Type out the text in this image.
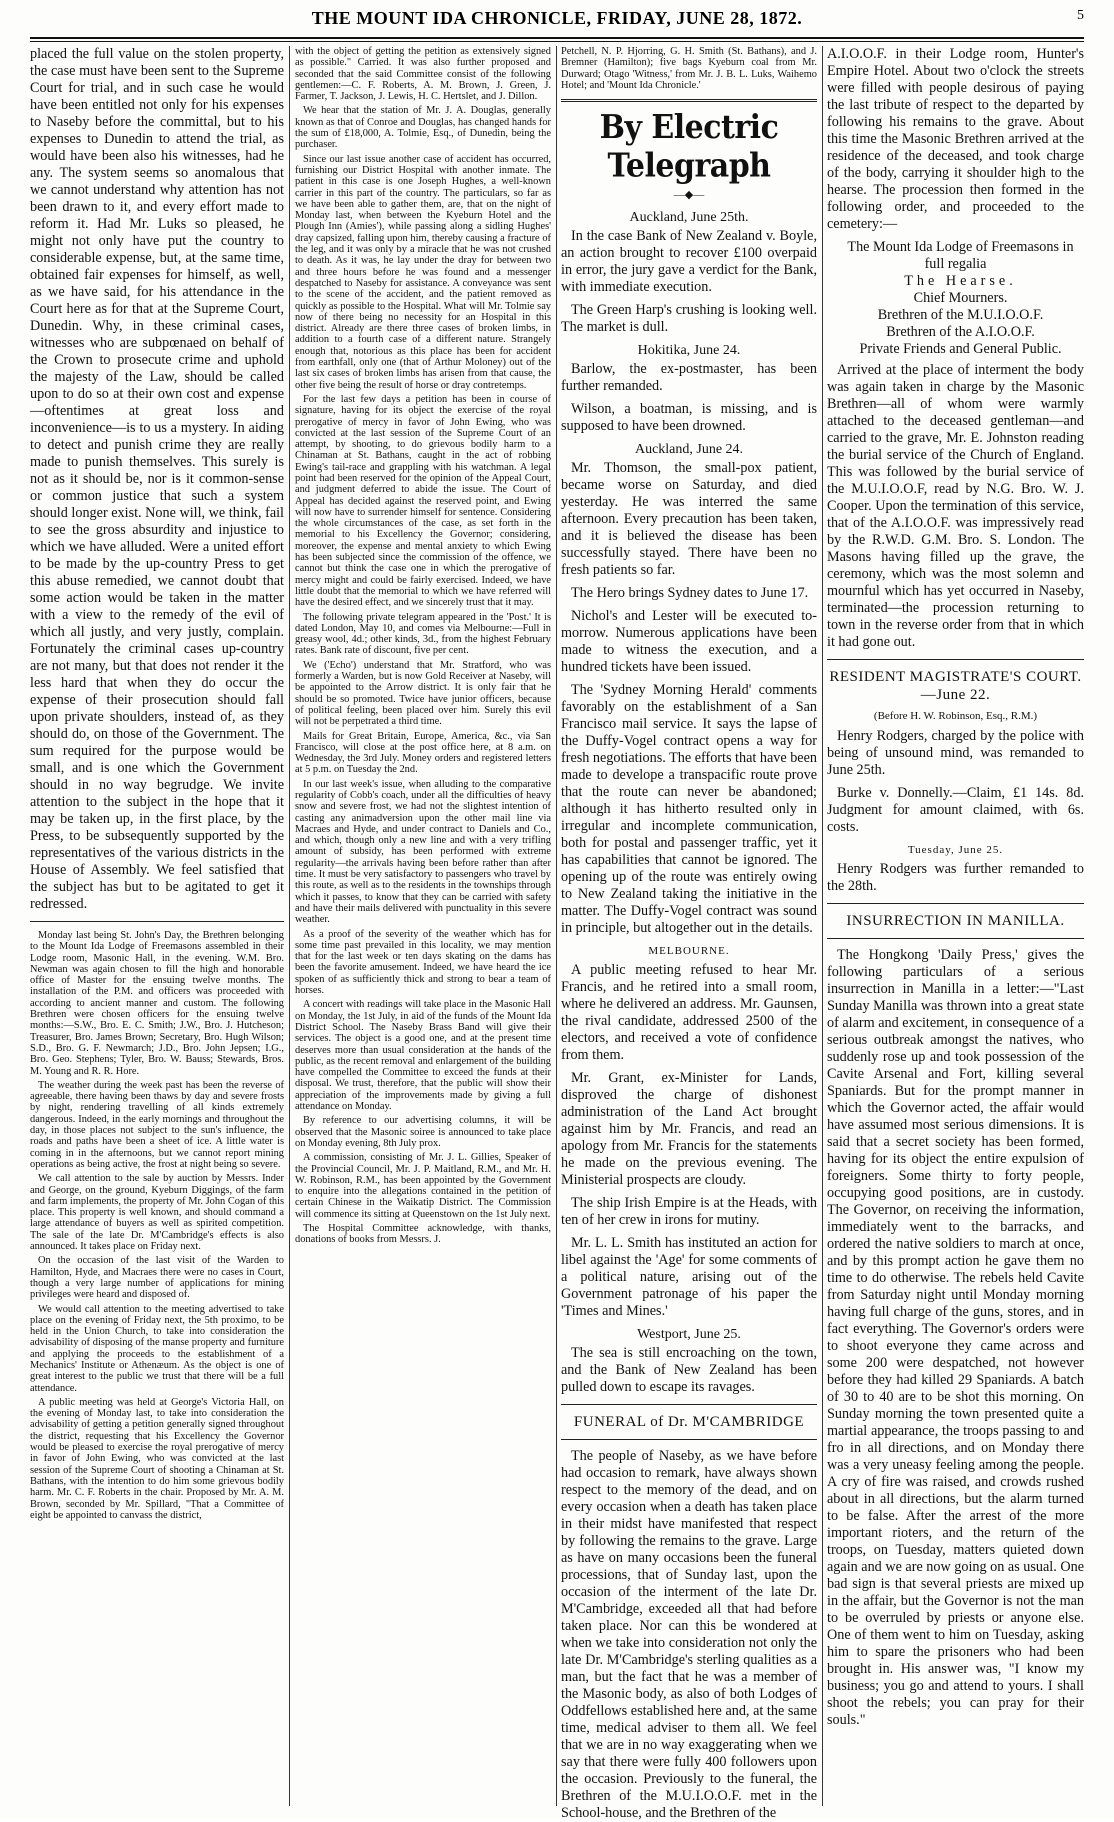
THE MOUNT IDA CHRONICLE, FRIDAY, JUNE 28, 1872.	5

placed the full value on the stolen property, the case must have been sent to the Supreme Court for trial, and in such case he would have been entitled not only for his expenses to Naseby before the committal, but to his expenses to Dunedin to attend the trial, as would have been also his witnesses, had he any. The system seems so anomalous that we cannot understand why attention has not been drawn to it, and every effort made to reform it. Had Mr. Luks so pleased, he might not only have put the country to considerable expense, but, at the same time, obtained fair expenses for himself, as well, as we have said, for his attendance in the Court here as for that at the Supreme Court, Dunedin. Why, in these criminal cases, witnesses who are subpœnaed on behalf of the Crown to prosecute crime and uphold the majesty of the Law, should be called upon to do so at their own cost and expense —oftentimes at great loss and inconvenience—is to us a mystery. In aiding to detect and punish crime they are really made to punish themselves. This surely is not as it should be, nor is it common-sense or common justice that such a system should longer exist. None will, we think, fail to see the gross absurdity and injustice to which we have alluded. Were a united effort to be made by the up-country Press to get this abuse remedied, we cannot doubt that some action would be taken in the matter with a view to the remedy of the evil of which all justly, and very justly, complain. Fortunately the criminal cases up-country are not many, but that does not render it the less hard that when they do occur the expense of their prosecution should fall upon private shoulders, instead of, as they should do, on those of the Government. The sum required for the purpose would be small, and is one which the Government should in no way begrudge. We invite attention to the subject in the hope that it may be taken up, in the first place, by the Press, to be subsequently supported by the representatives of the various districts in the House of Assembly. We feel satisfied that the subject has but to be agitated to get it redressed.

Monday last being St. John's Day, the Brethren belonging to the Mount Ida Lodge of Freemasons assembled in their Lodge room, Masonic Hall, in the evening. W.M. Bro. Newman was again chosen to fill the high and honorable office of Master for the ensuing twelve months. The installation of the P.M. and officers was proceeded with according to ancient manner and custom. The following Brethren were chosen officers for the ensuing twelve months:—S.W., Bro. E. C. Smith; J.W., Bro. J. Hutcheson; Treasurer, Bro. James Brown; Secretary, Bro. Hugh Wilson; S.D., Bro. G. F. Newmarch; J.D., Bro. John Jepsen; I.G., Bro. Geo. Stephens; Tyler, Bro. W. Bauss; Stewards, Bros. M. Young and R. R. Hore.

The weather during the week past has been the reverse of agreeable, there having been thaws by day and severe frosts by night, rendering travelling of all kinds extremely dangerous. Indeed, in the early mornings and throughout the day, in those places not subject to the sun's influence, the roads and paths have been a sheet of ice. A little water is coming in in the afternoons, but we cannot report mining operations as being active, the frost at night being so severe.

We call attention to the sale by auction by Messrs. Inder and George, on the ground, Kyeburn Diggings, of the farm and farm implements, the property of Mr. John Cogan of this place. This property is well known, and should command a large attendance of buyers as well as spirited competition. The sale of the late Dr. M'Cambridge's effects is also announced. It takes place on Friday next.

On the occasion of the last visit of the Warden to Hamilton, Hyde, and Macraes there were no cases in Court, though a very large number of applications for mining privileges were heard and disposed of.

We would call attention to the meeting advertised to take place on the evening of Friday next, the 5th proximo, to be held in the Union Church, to take into consideration the advisability of disposing of the manse property and furniture and applying the proceeds to the establishment of a Mechanics' Institute or Athenæum. As the object is one of great interest to the public we trust that there will be a full attendance.

A public meeting was held at George's Victoria Hall, on the evening of Monday last, to take into consideration the advisability of getting a petition generally signed throughout the district, requesting that his Excellency the Governor would be pleased to exercise the royal prerogative of mercy in favor of John Ewing, who was convicted at the last session of the Supreme Court of shooting a Chinaman at St. Bathans, with the intention to do him some grievous bodily harm. Mr. C. F. Roberts in the chair. Proposed by Mr. A. M. Brown, seconded by Mr. Spillard, "That a Committee of eight be appointed to canvass the district,

with the object of getting the petition as extensively signed as possible." Carried. It was also further proposed and seconded that the said Committee consist of the following gentlemen:—C. F. Roberts, A. M. Brown, J. Green, J. Farmer, T. Jackson, J. Lewis, H. C. Hertslet, and J. Dillon.

We hear that the station of Mr. J. A. Douglas, generally known as that of Conroe and Douglas, has changed hands for the sum of £18,000, A. Tolmie, Esq., of Dunedin, being the purchaser.

Since our last issue another case of accident has occurred, furnishing our District Hospital with another inmate. The patient in this case is one Joseph Hughes, a well-known carrier in this part of the country. The particulars, so far as we have been able to gather them, are, that on the night of Monday last, when between the Kyeburn Hotel and the Plough Inn (Amies'), while passing along a sidling Hughes' dray capsized, falling upon him, thereby causing a fracture of the leg, and it was only by a miracle that he was not crushed to death. As it was, he lay under the dray for between two and three hours before he was found and a messenger despatched to Naseby for assistance. A conveyance was sent to the scene of the accident, and the patient removed as quickly as possible to the Hospital. What will Mr. Tolmie say now of there being no necessity for an Hospital in this district. Already are there three cases of broken limbs, in addition to a fourth case of a different nature. Strangely enough that, notorious as this place has been for accident from earthfall, only one (that of Arthur Moloney) out of the last six cases of broken limbs has arisen from that cause, the other five being the result of horse or dray contretemps.

For the last few days a petition has been in course of signature, having for its object the exercise of the royal prerogative of mercy in favor of John Ewing, who was convicted at the last session of the Supreme Court of an attempt, by shooting, to do grievous bodily harm to a Chinaman at St. Bathans, caught in the act of robbing Ewing's tail-race and grappling with his watchman. A legal point had been reserved for the opinion of the Appeal Court, and judgment deferred to abide the issue. The Court of Appeal has decided against the reserved point, and Ewing will now have to surrender himself for sentence. Considering the whole circumstances of the case, as set forth in the memorial to his Excellency the Governor; considering, moreover, the expense and mental anxiety to which Ewing has been subjected since the commission of the offence, we cannot but think the case one in which the prerogative of mercy might and could be fairly exercised. Indeed, we have little doubt that the memorial to which we have referred will have the desired effect, and we sincerely trust that it may.

The following private telegram appeared in the 'Post.' It is dated London, May 10, and comes via Melbourne:—Full in greasy wool, 4d.; other kinds, 3d., from the highest February rates. Bank rate of discount, five per cent.

We ('Echo') understand that Mr. Stratford, who was formerly a Warden, but is now Gold Receiver at Naseby, will be appointed to the Arrow district. It is only fair that he should be so promoted. Twice have junior officers, because of political feeling, been placed over him. Surely this evil will not be perpetrated a third time.

Mails for Great Britain, Europe, America, &c., via San Francisco, will close at the post office here, at 8 a.m. on Wednesday, the 3rd July. Money orders and registered letters at 5 p.m. on Tuesday the 2nd.

In our last week's issue, when alluding to the comparative regularity of Cobb's coach, under all the difficulties of heavy snow and severe frost, we had not the slightest intention of casting any animadversion upon the other mail line via Macraes and Hyde, and under contract to Daniels and Co., and which, though only a new line and with a very trifling amount of subsidy, has been performed with extreme regularity—the arrivals having been before rather than after time. It must be very satisfactory to passengers who travel by this route, as well as to the residents in the townships through which it passes, to know that they can be carried with safety and have their mails delivered with punctuality in this severe weather.

As a proof of the severity of the weather which has for some time past prevailed in this locality, we may mention that for the last week or ten days skating on the dams has been the favorite amusement. Indeed, we have heard the ice spoken of as sufficiently thick and strong to bear a team of horses.

A concert with readings will take place in the Masonic Hall on Monday, the 1st July, in aid of the funds of the Mount Ida District School. The Naseby Brass Band will give their services. The object is a good one, and at the present time deserves more than usual consideration at the hands of the public, as the recent removal and enlargement of the building have compelled the Committee to exceed the funds at their disposal. We trust, therefore, that the public will show their appreciation of the improvements made by giving a full attendance on Monday.

By reference to our advertising columns, it will be observed that the Masonic soiree is announced to take place on Monday evening, 8th July prox.

A commission, consisting of Mr. J. L. Gillies, Speaker of the Provincial Council, Mr. J. P. Maitland, R.M., and Mr. H. W. Robinson, R.M., has been appointed by the Government to enquire into the allegations contained in the petition of certain Chinese in the Waikatip District. The Commission will commence its sitting at Queenstown on the 1st July next.

The Hospital Committee acknowledge, with thanks, donations of books from Messrs. J.

Petchell, N. P. Hjorring, G. H. Smith (St. Bathans), and J. Bremner (Hamilton); five bags Kyeburn coal from Mr. Durward; Otago 'Witness,' from Mr. J. B. L. Luks, Waihemo Hotel; and 'Mount Ida Chronicle.'

By Electric Telegraph
—◆—
Auckland, June 25th.

In the case Bank of New Zealand v. Boyle, an action brought to recover £100 overpaid in error, the jury gave a verdict for the Bank, with immediate execution.

The Green Harp's crushing is looking well. The market is dull.

Hokitika, June 24.

Barlow, the ex-postmaster, has been further remanded.

Wilson, a boatman, is missing, and is supposed to have been drowned.

Auckland, June 24.

Mr. Thomson, the small-pox patient, became worse on Saturday, and died yesterday. He was interred the same afternoon. Every precaution has been taken, and it is believed the disease has been successfully stayed. There have been no fresh patients so far.

The Hero brings Sydney dates to June 17.

Nichol's and Lester will be executed to-morrow. Numerous applications have been made to witness the execution, and a hundred tickets have been issued.

The 'Sydney Morning Herald' comments favorably on the establishment of a San Francisco mail service. It says the lapse of the Duffy-Vogel contract opens a way for fresh negotiations. The efforts that have been made to develope a transpacific route prove that the route can never be abandoned; although it has hitherto resulted only in irregular and incomplete communication, both for postal and passenger traffic, yet it has capabilities that cannot be ignored. The opening up of the route was entirely owing to New Zealand taking the initiative in the matter. The Duffy-Vogel contract was sound in principle, but altogether out in the details.

MELBOURNE.

A public meeting refused to hear Mr. Francis, and he retired into a small room, where he delivered an address. Mr. Gaunsen, the rival candidate, addressed 2500 of the electors, and received a vote of confidence from them.

Mr. Grant, ex-Minister for Lands, disproved the charge of dishonest administration of the Land Act brought against him by Mr. Francis, and read an apology from Mr. Francis for the statements he made on the previous evening. The Ministerial prospects are cloudy.

The ship Irish Empire is at the Heads, with ten of her crew in irons for mutiny.

Mr. L. L. Smith has instituted an action for libel against the 'Age' for some comments of a political nature, arising out of the Government patronage of his paper the 'Times and Mines.'

Westport, June 25.

The sea is still encroaching on the town, and the Bank of New Zealand has been pulled down to escape its ravages.

FUNERAL of Dr. M'CAMBRIDGE

The people of Naseby, as we have before had occasion to remark, have always shown respect to the memory of the dead, and on every occasion when a death has taken place in their midst have manifested that respect by following the remains to the grave. Large as have on many occasions been the funeral processions, that of Sunday last, upon the occasion of the interment of the late Dr. M'Cambridge, exceeded all that had before taken place. Nor can this be wondered at when we take into consideration not only the late Dr. M'Cambridge's sterling qualities as a man, but the fact that he was a member of the Masonic body, as also of both Lodges of Oddfellows established here and, at the same time, medical adviser to them all. We feel that we are in no way exaggerating when we say that there were fully 400 followers upon the occasion. Previously to the funeral, the Brethren of the M.U.I.O.O.F. met in the School-house, and the Brethren of the

A.I.O.O.F. in their Lodge room, Hunter's Empire Hotel. About two o'clock the streets were filled with people desirous of paying the last tribute of respect to the departed by following his remains to the grave. About this time the Masonic Brethren arrived at the residence of the deceased, and took charge of the body, carrying it shoulder high to the hearse. The procession then formed in the following order, and proceeded to the cemetery:—

The Mount Ida Lodge of Freemasons in full regalia

The Hearse.

Chief Mourners.

Brethren of the M.U.I.O.O.F.

Brethren of the A.I.O.O.F.

Private Friends and General Public.

Arrived at the place of interment the body was again taken in charge by the Masonic Brethren—all of whom were warmly attached to the deceased gentleman—and carried to the grave, Mr. E. Johnston reading the burial service of the Church of England. This was followed by the burial service of the M.U.I.O.O.F, read by N.G. Bro. W. J. Cooper. Upon the termination of this service, that of the A.I.O.O.F. was impressively read by the R.W.D. G.M. Bro. S. London. The Masons having filled up the grave, the ceremony, which was the most solemn and mournful which has yet occurred in Naseby, terminated—the procession returning to town in the reverse order from that in which it had gone out.

RESIDENT MAGISTRATE'S COURT.—June 22.
(Before H. W. Robinson, Esq., R.M.)

Henry Rodgers, charged by the police with being of unsound mind, was remanded to June 25th.

Burke v. Donnelly.—Claim, £1 14s. 8d. Judgment for amount claimed, with 6s. costs.

Tuesday, June 25.

Henry Rodgers was further remanded to the 28th.

INSURRECTION IN MANILLA.

The Hongkong 'Daily Press,' gives the following particulars of a serious insurrection in Manilla in a letter:—"Last Sunday Manilla was thrown into a great state of alarm and excitement, in consequence of a serious outbreak amongst the natives, who suddenly rose up and took possession of the Cavite Arsenal and Fort, killing several Spaniards. But for the prompt manner in which the Governor acted, the affair would have assumed most serious dimensions. It is said that a secret society has been formed, having for its object the entire expulsion of foreigners. Some thirty to forty people, occupying good positions, are in custody. The Governor, on receiving the information, immediately went to the barracks, and ordered the native soldiers to march at once, and by this prompt action he gave them no time to do otherwise. The rebels held Cavite from Saturday night until Monday morning having full charge of the guns, stores, and in fact everything. The Governor's orders were to shoot everyone they came across and some 200 were despatched, not however before they had killed 29 Spaniards. A batch of 30 to 40 are to be shot this morning. On Sunday morning the town presented quite a martial appearance, the troops passing to and fro in all directions, and on Monday there was a very uneasy feeling among the people. A cry of fire was raised, and crowds rushed about in all directions, but the alarm turned to be false. After the arrest of the more important rioters, and the return of the troops, on Tuesday, matters quieted down again and we are now going on as usual. One bad sign is that several priests are mixed up in the affair, but the Governor is not the man to be overruled by priests or anyone else. One of them went to him on Tuesday, asking him to spare the prisoners who had been brought in. His answer was, "I know my business; you go and attend to yours. I shall shoot the rebels; you can pray for their souls."
